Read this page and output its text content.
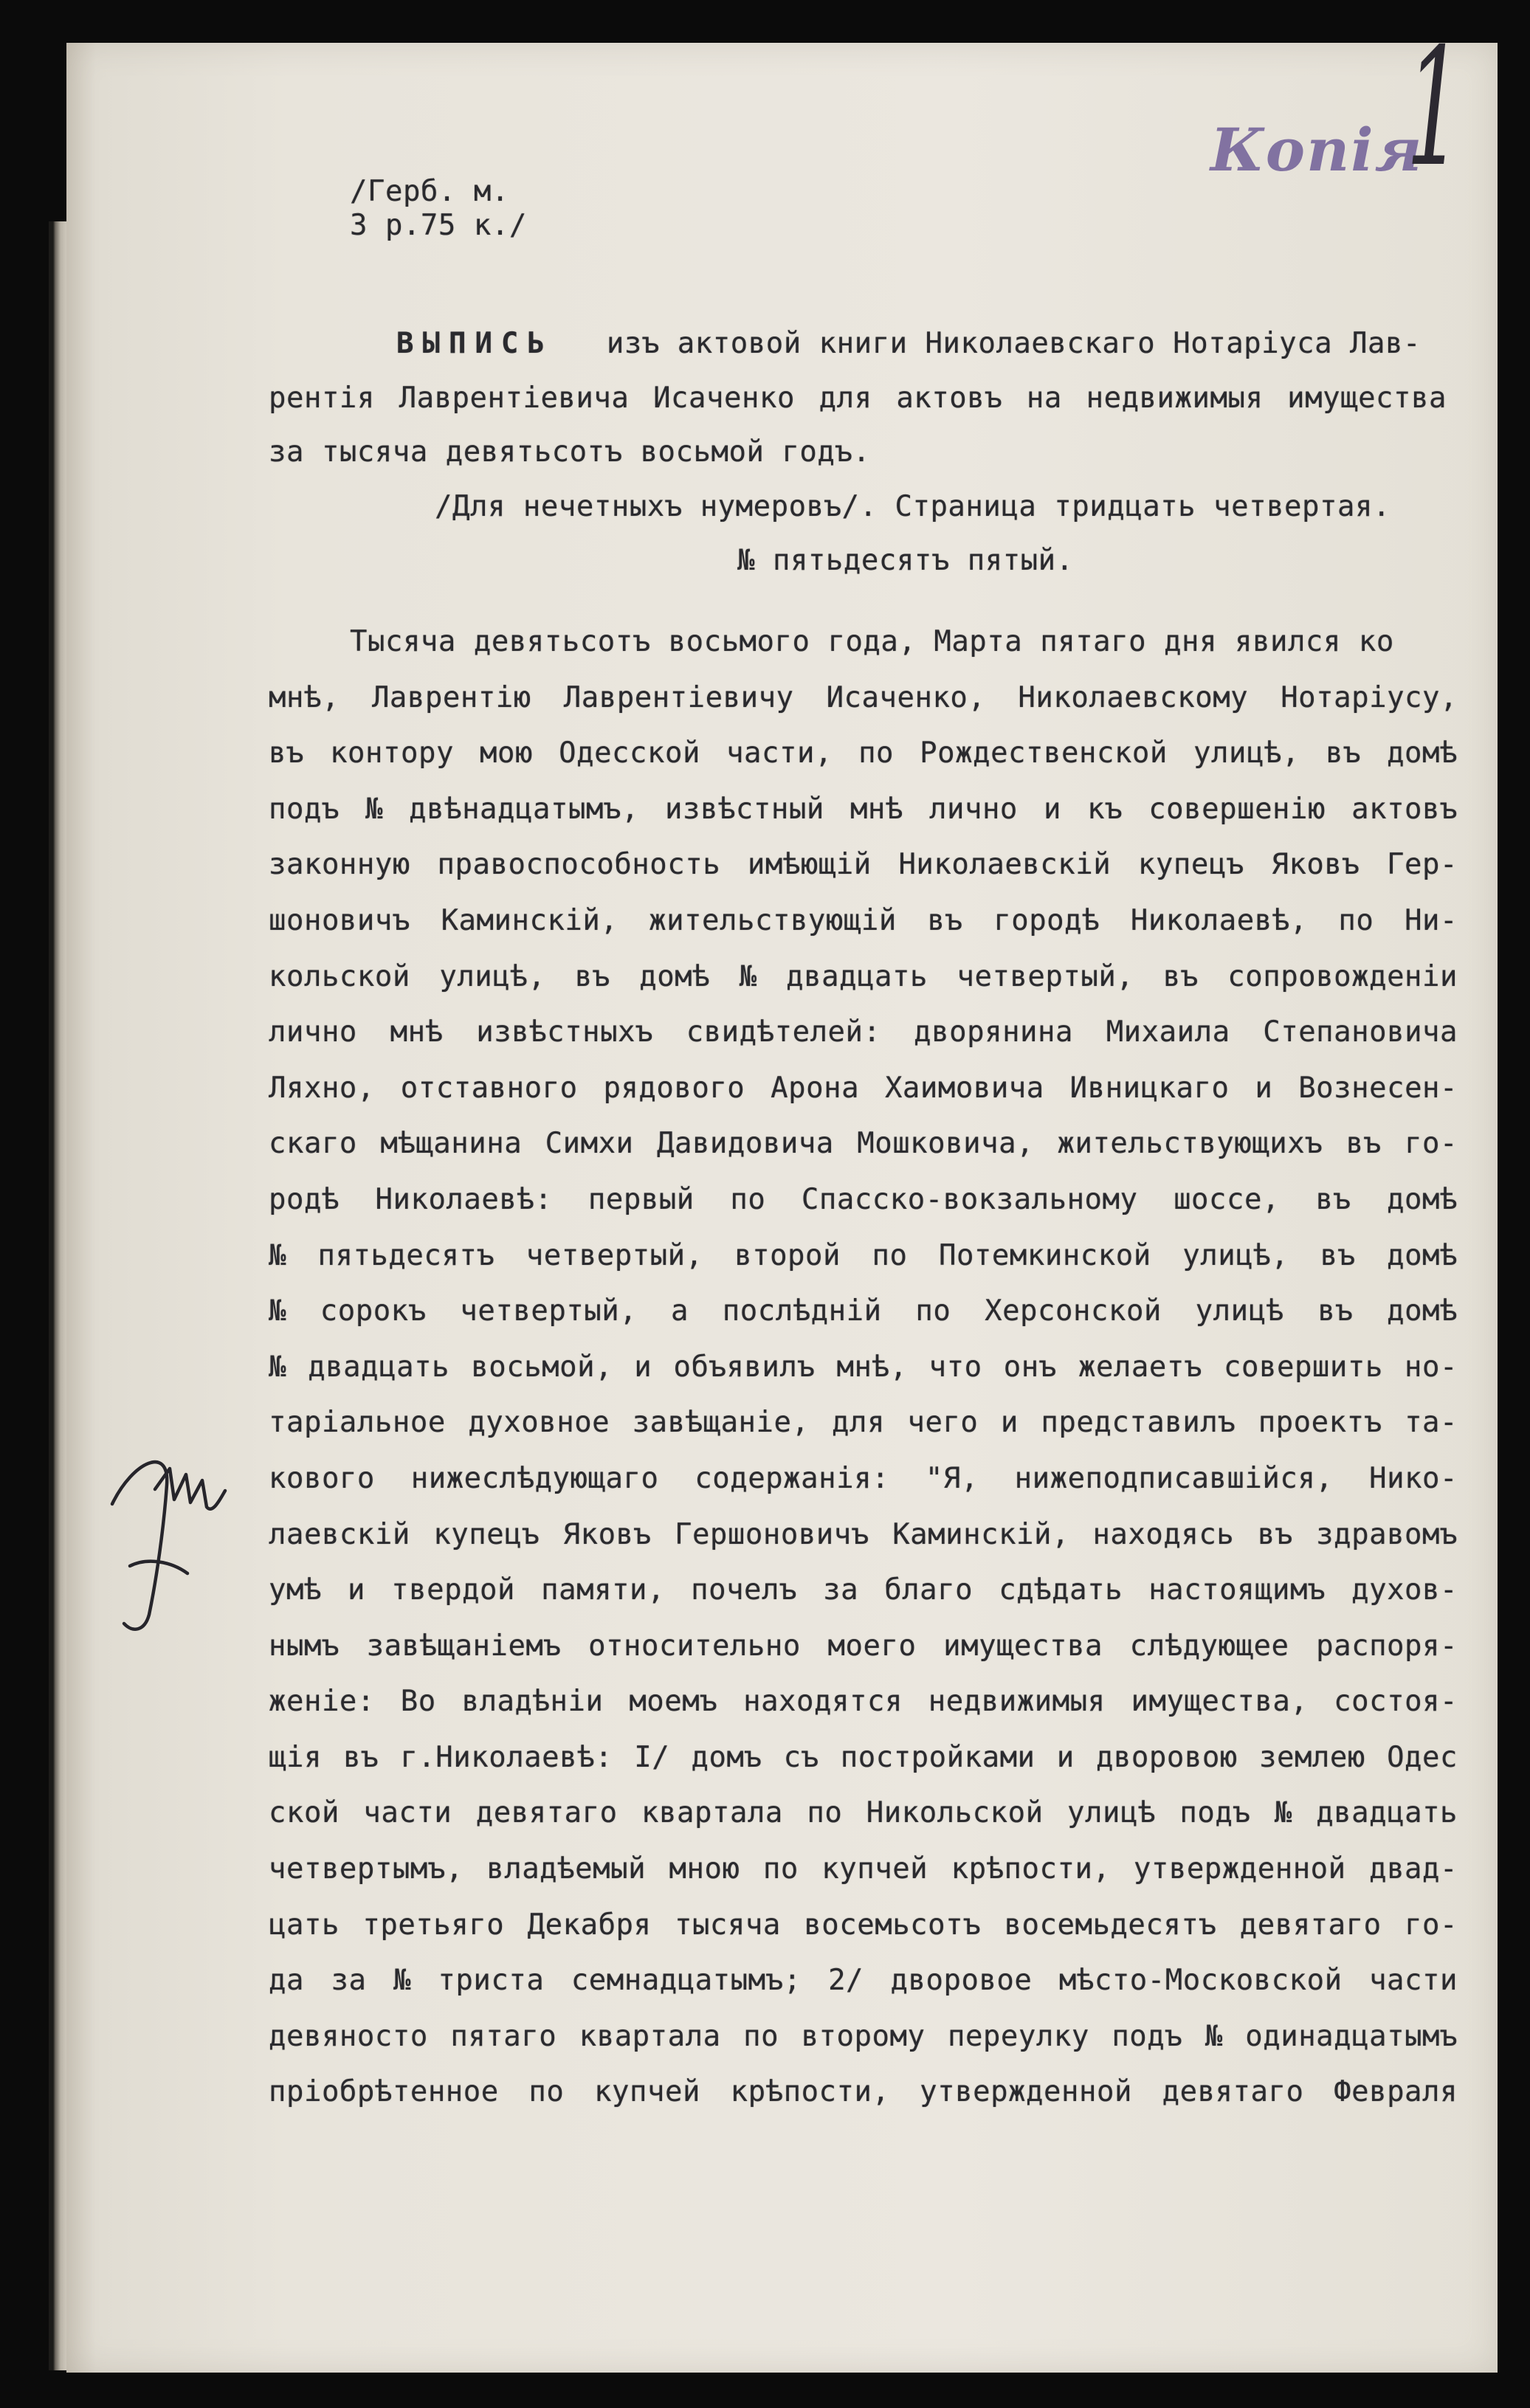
Копія
1
/Герб. м.
3 р.75 к./
ВЫПИСЬ изъ актовой книги Николаевскаго Нотаріуса Лав-
рентія Лаврентіевича Исаченко для актовъ на недвижимыя имущества
за тысяча девятьсотъ восьмой годъ.
/Для нечетныхъ нумеровъ/. Страница тридцать четвертая.
№ пятьдесятъ пятый.
Тысяча девятьсотъ восьмого года, Марта пятаго дня явился ко
мнѣ, Лаврентію Лаврентіевичу Исаченко, Николаевскому Нотаріусу,
въ контору мою Одесской части, по Рождественской улицѣ, въ домѣ
подъ № двѣнадцатымъ, извѣстный мнѣ лично и къ совершенію актовъ
законную правоспособность имѣющій Николаевскій купецъ Яковъ Гер-
шоновичъ Каминскій, жительствующій въ городѣ Николаевѣ, по Ни-
кольской улицѣ, въ домѣ № двадцать четвертый, въ сопровожденіи
лично мнѣ извѣстныхъ свидѣтелей: дворянина Михаила Степановича
Ляхно, отставного рядового Арона Хаимовича Ивницкаго и Вознесен-
скаго мѣщанина Симхи Давидовича Мошковича, жительствующихъ въ го-
родѣ Николаевѣ: первый по Спасско-вокзальному шоссе, въ домѣ
№ пятьдесятъ четвертый, второй по Потемкинской улицѣ, въ домѣ
№ сорокъ четвертый, а послѣдній по Херсонской улицѣ въ домѣ
№ двадцать восьмой, и объявилъ мнѣ, что онъ желаетъ совершить но-
таріальное духовное завѣщаніе, для чего и представилъ проектъ та-
кового нижеслѣдующаго содержанія: "Я, нижеподписавшійся, Нико-
лаевскій купецъ Яковъ Гершоновичъ Каминскій, находясь въ здравомъ
умѣ и твердой памяти, почелъ за благо сдѣдать настоящимъ духов-
нымъ завѣщаніемъ относительно моего имущества слѣдующее распоря-
женіе: Во владѣніи моемъ находятся недвижимыя имущества, состоя-
щія въ г.Николаевѣ: I/ домъ съ постройками и дворовою землею Одес
ской части девятаго квартала по Никольской улицѣ подъ № двадцать
четвертымъ, владѣемый мною по купчей крѣпости, утвержденной двад-
цать третьяго Декабря тысяча восемьсотъ восемьдесятъ девятаго го-
да за № триста семнадцатымъ; 2/ дворовое мѣсто-Московской части
девяносто пятаго квартала по второму переулку подъ № одинадцатымъ
пріобрѣтенное по купчей крѣпости, утвержденной девятаго Февраля
